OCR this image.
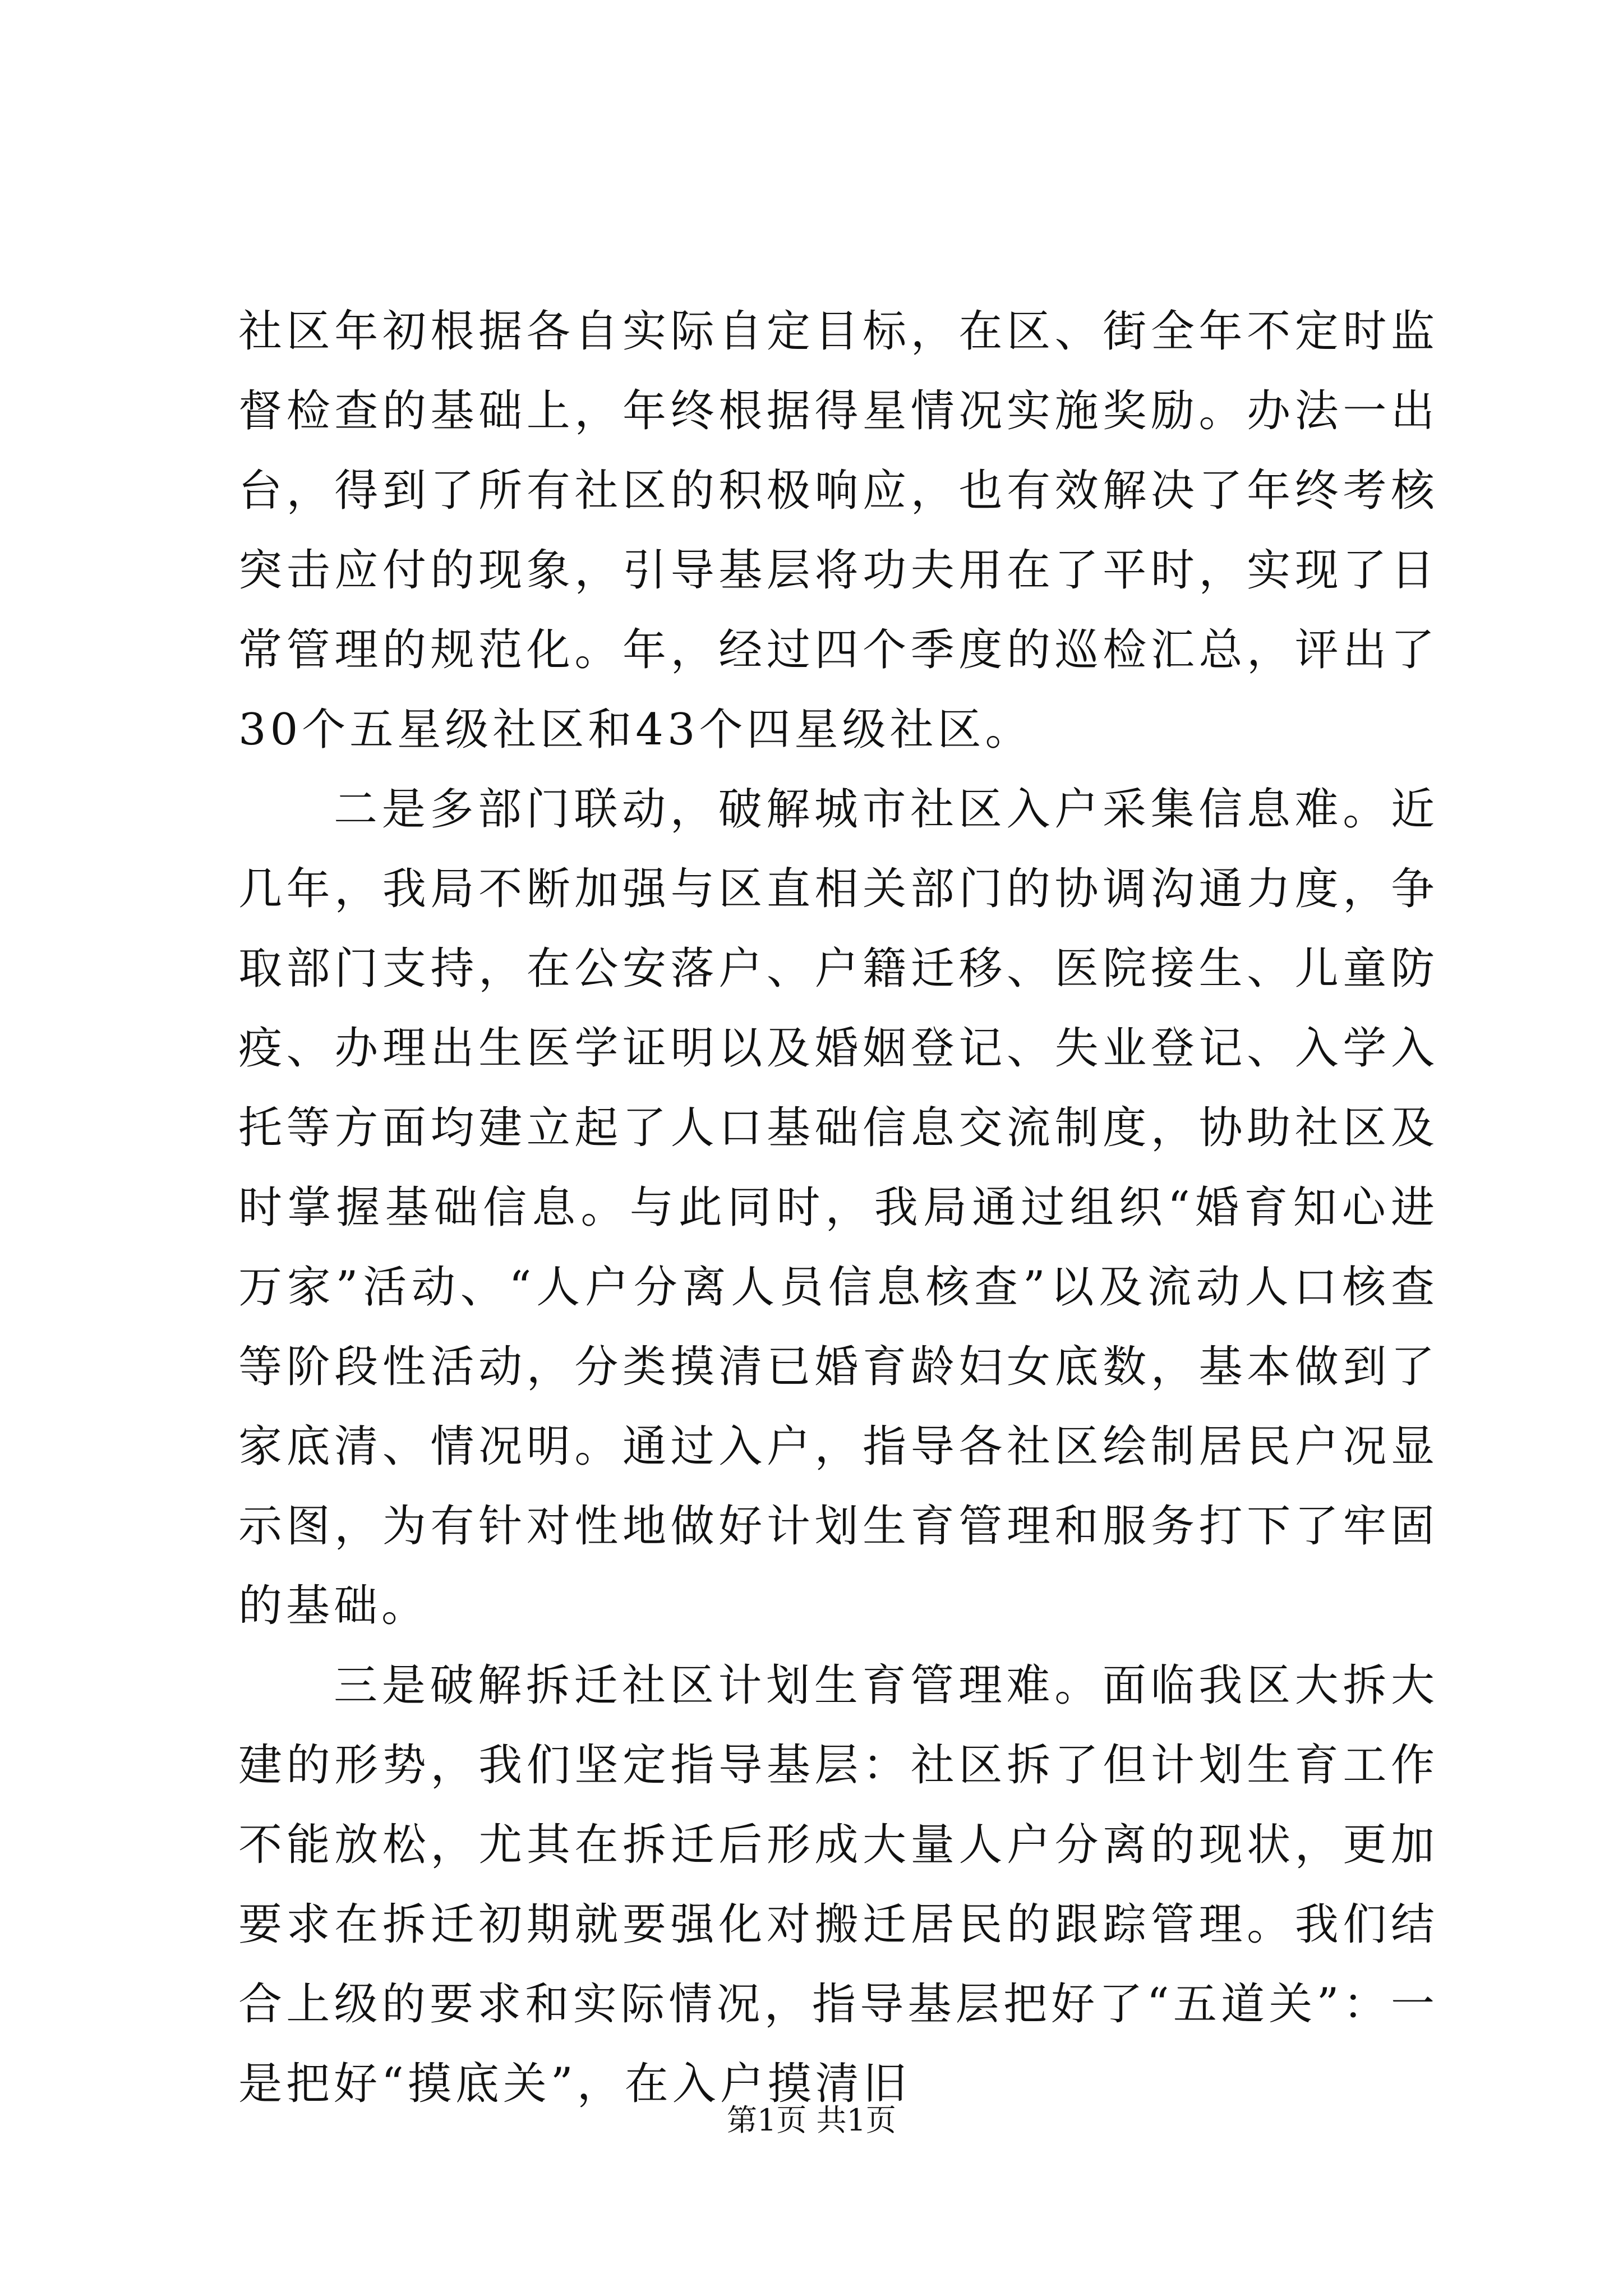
社区年初根据各自实际自定目标，在区、街全年不定时监督检查的基础上，年终根据得星情况实施奖励。办法一出台，得到了所有社区的积极响应，也有效解决了年终考核突击应付的现象，引导基层将功夫用在了平时，实现了日常管理的规范化。年，经过四个季度的巡检汇总，评出了30个五星级社区和43个四星级社区。

二是多部门联动，破解城市社区入户采集信息难。近几年，我局不断加强与区直相关部门的协调沟通力度，争取部门支持，在公安落户、户籍迁移、医院接生、儿童防疫、办理出生医学证明以及婚姻登记、失业登记、入学入托等方面均建立起了人口基础信息交流制度，协助社区及时掌握基础信息。与此同时，我局通过组织“婚育知心进万家”活动、“人户分离人员信息核查”以及流动人口核查等阶段性活动，分类摸清已婚育龄妇女底数，基本做到了家底清、情况明。通过入户，指导各社区绘制居民户况显示图，为有针对性地做好计划生育管理和服务打下了牢固的基础。

三是破解拆迁社区计划生育管理难。面临我区大拆大建的形势，我们坚定指导基层：社区拆了但计划生育工作不能放松，尤其在拆迁后形成大量人户分离的现状，更加要求在拆迁初期就要强化对搬迁居民的跟踪管理。我们结合上级的要求和实际情况，指导基层把好了“五道关”：一是把好“摸底关”，在入户摸清旧

第1页 共1页
